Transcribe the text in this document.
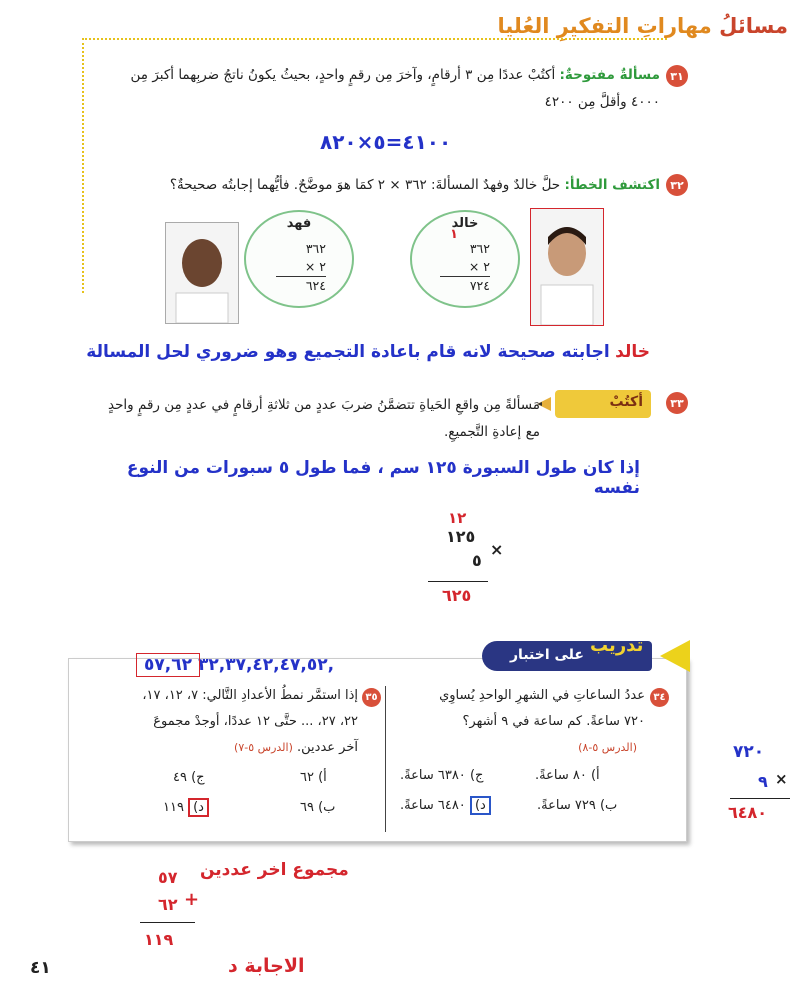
مسائلُ مهاراتِ التفكيرِ العُليا
٣١
مسألةٌ مفتوحةٌ: أكتُبْ عددًا مِن ٣ أرقامٍ، وآخرَ مِن رقمٍ واحدٍ، بحيثُ يكونُ ناتجُ ضربِهما أكبرَ مِن
٤٠٠٠ وأقلَّ مِن ٤٢٠٠
٤١٠٠=٥×٨٢٠
٣٢
اكتشف الخطأ: حلَّ خالدٌ وفهدٌ المسألةَ: ٣٦٢ × ٢ كمَا هوَ موضَّحٌ. فأيُّهما إجابتُه صحيحةٌ؟
فهد
٣٦٢
× ٢
٦٢٤
خالد
١
٣٦٢
× ٢
٧٢٤
خالد اجابته صحيحة لانه قام باعادة التجميع وهو ضروري لحل المسالة
٣٣
أكتُبْ
مَسألةً مِن واقعِ الحَياةِ تتضمَّنُ ضربَ عددٍ من ثلاثةِ أرقامٍ في عددٍ مِن رقمٍ واحدٍ
مع إعادةِ التَّجميعِ.
إذا كان طول السبورة ١٢٥ سم ، فما طول ٥ سبورات من النوع نفسه
١٢
١٢٥
×
٥
٦٢٥
على اختبار تدريب
٣٢,٣٧,٤٢,٤٧,٥٢,
٥٧,٦٢
٣٤
عددُ الساعاتِ في الشهرِ الواحدِ يُساوِي
٧٢٠ ساعةً. كم ساعة في ٩ أشهر؟
(الدرس ٥-٨)
أ) ٨٠ ساعةً.
ج) ٦٣٨٠ ساعةً.
ب) ٧٢٩ ساعةً.
د) ٦٤٨٠ ساعةً.
٣٥
إذا استمَّر نمطُ الأعدادِ التَّالي: ٧، ١٢، ١٧،
٢٢، ٢٧، ... حتَّى ١٢ عددًا، أوجدْ مجموعَ
آخر عددين. (الدرس ٥-٧)
أ) ٦٢
ج) ٤٩
ب) ٦٩
د) ١١٩
٧٢٠
×
٩
٦٤٨٠
مجموع اخر عددين
٥٧
٦٢ +
١١٩
الاجابة د
٤١
